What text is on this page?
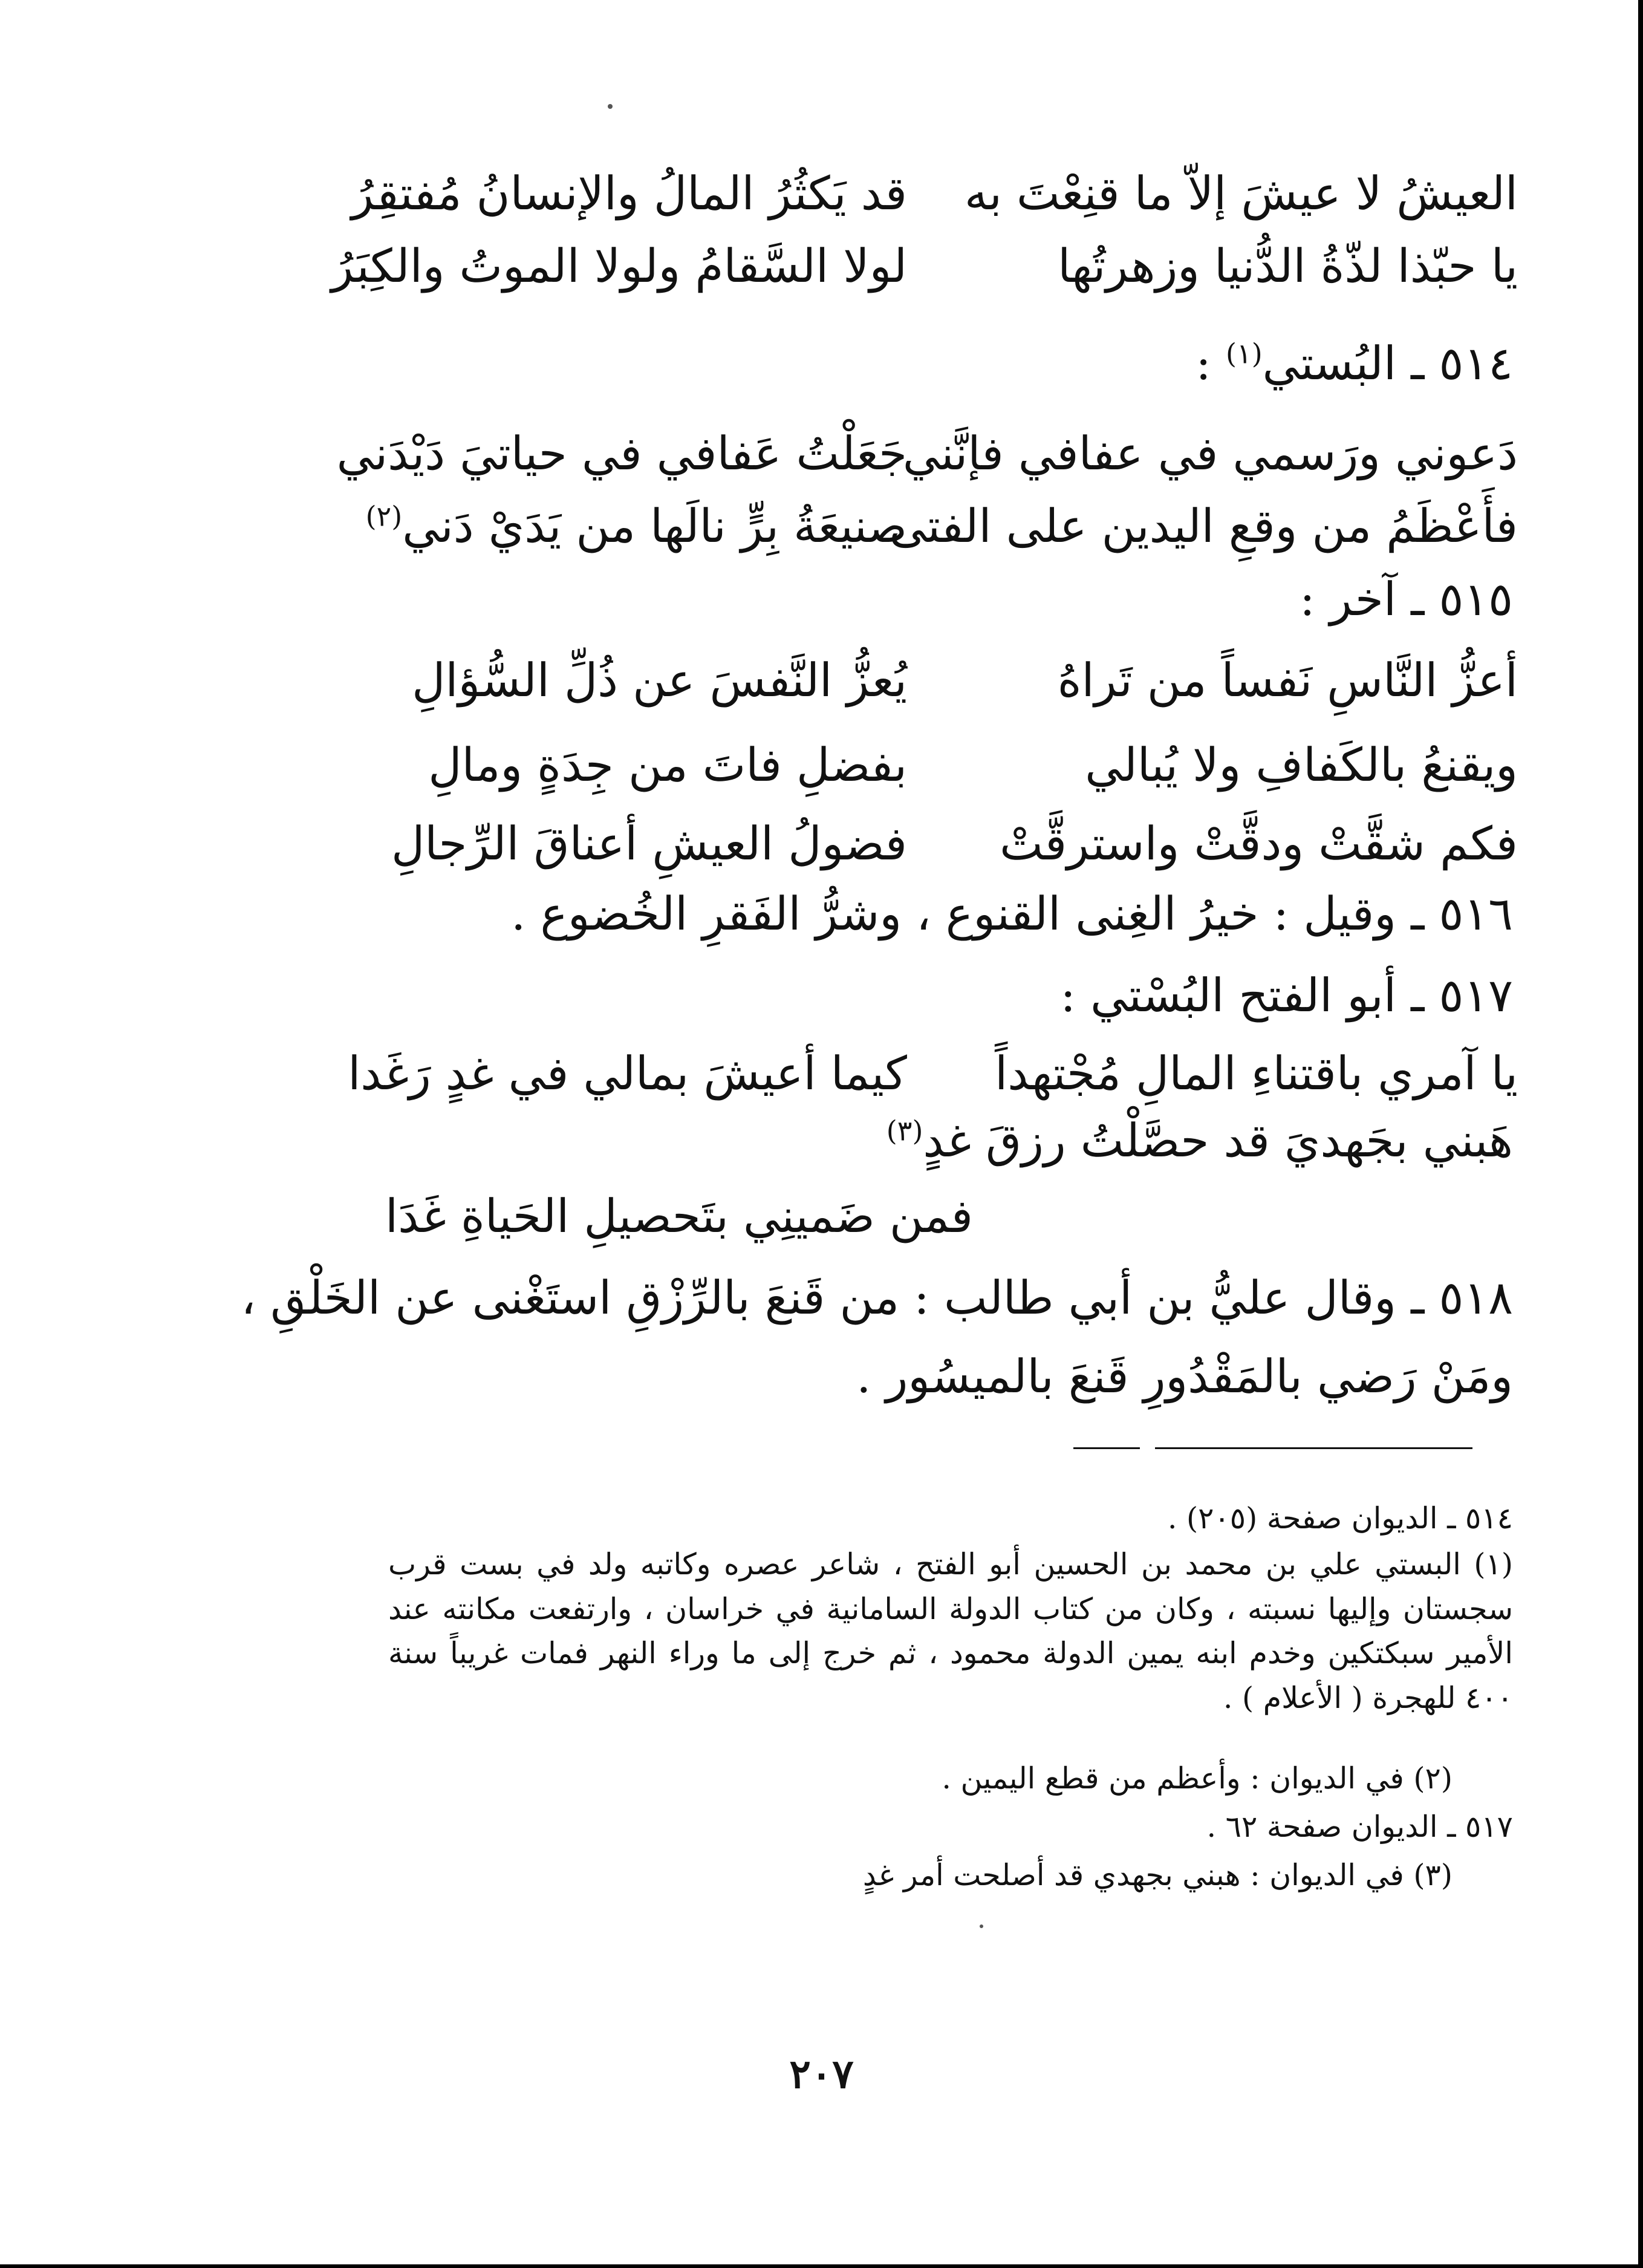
العيشُ لا عيشَ إلاّ ما قنِعْتَ به
قد يَكثُرُ المالُ والإنسانُ مُفتقِرُ
يا حبّذا لذّةُ الدُّنيا وزهرتُها
لولا السَّقامُ ولولا الموتُ والكِبَرُ
٥١٤ ـ البُستي$^{(١)}$ :
دَعوني ورَسمي في عفافي فإنَّني
جَعَلْتُ عَفافي في حياتيَ دَيْدَني
فأَعْظَمُ من وقعِ اليدين على الفتى
صنيعَةُ بِرٍّ نالَها من يَدَيْ دَني$^{(٢)}$
٥١٥ ـ آخر :
أعزُّ النَّاسِ نَفساً من تَراهُ
يُعزُّ النَّفسَ عن ذُلِّ السُّؤالِ
ويقنعُ بالكَفافِ ولا يُبالي
بفضلِ فاتَ من جِدَةٍ ومالِ
فكم شقَّتْ ودقَّتْ واسترقَّتْ
فضولُ العيشِ أعناقَ الرِّجالِ
٥١٦ ـ وقيل : خيرُ الغِنى القنوع ، وشرُّ الفَقرِ الخُضوع .
٥١٧ ـ أبو الفتح البُسْتي :
يا آمري باقتناءِ المالِ مُجْتهداً
كيما أعيشَ بمالي في غدٍ رَغَدا
هَبني بجَهديَ قد حصَّلْتُ رزقَ غدٍ$^{(٣)}$
فمن ضَمينِي بتَحصيلِ الحَياةِ غَدَا
٥١٨ ـ وقال عليُّ بن أبي طالب : من قَنعَ بالرِّزْقِ استَغْنى عن الخَلْقِ ،
ومَنْ رَضي بالمَقْدُورِ قَنعَ بالميسُور .
٥١٤ ـ الديوان صفحة (٢٠٥) .
(١) البستي علي بن محمد بن الحسين أبو الفتح ، شاعر عصره وكاتبه ولد في بست قرب سجستان وإليها نسبته ، وكان من كتاب الدولة السامانية في خراسان ، وارتفعت مكانته عند الأمير سبكتكين وخدم ابنه يمين الدولة محمود ، ثم خرج إلى ما وراء النهر فمات غريباً سنة ٤٠٠ للهجرة ( الأعلام ) .
(٢) في الديوان : وأعظم من قطع اليمين .
٥١٧ ـ الديوان صفحة ٦٢ .
(٣) في الديوان : هبني بجهدي قد أصلحت أمر غدٍ
٢٠٧
